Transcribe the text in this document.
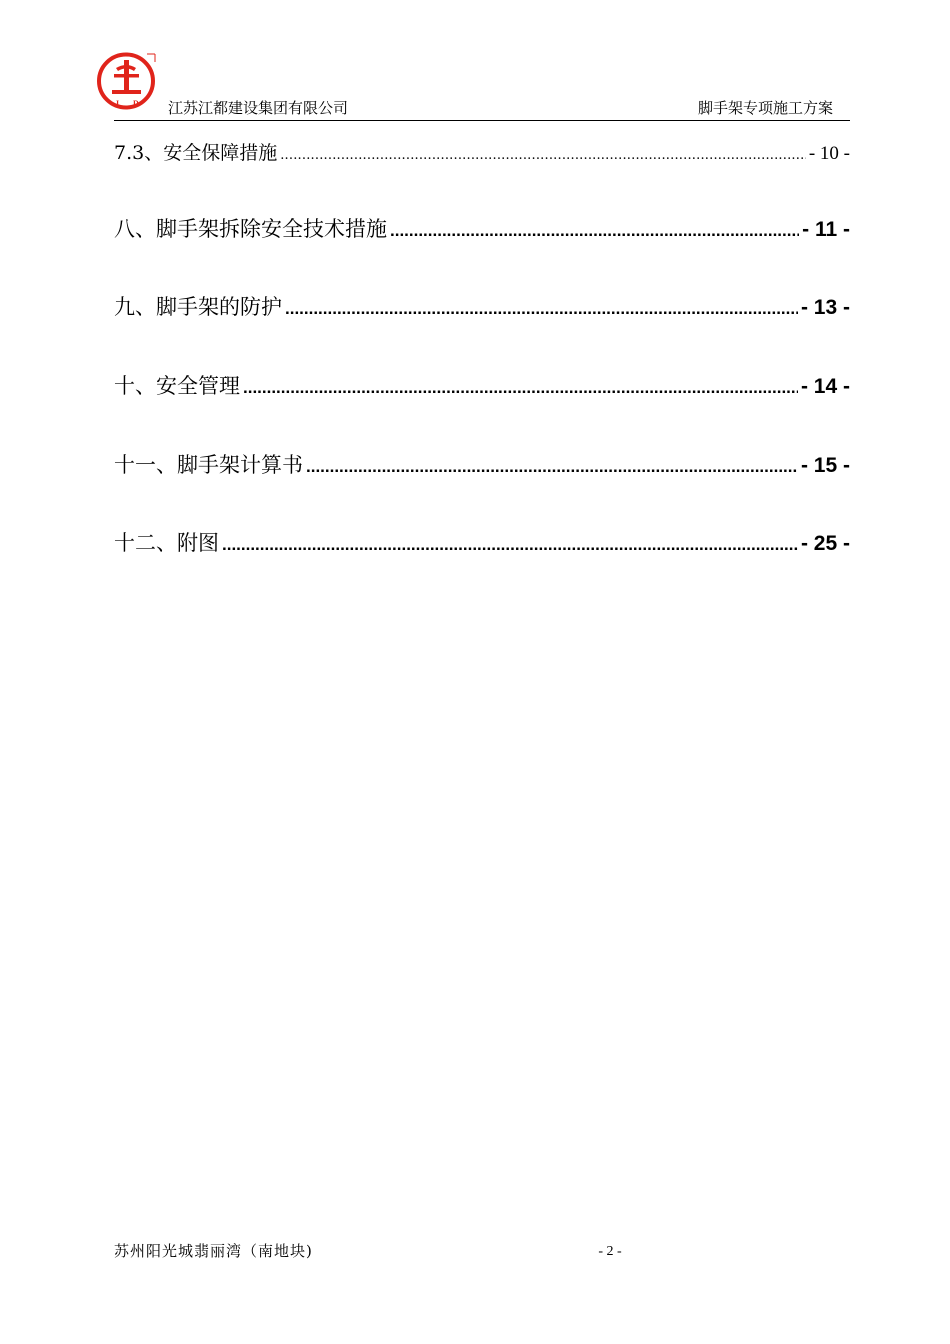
J D 江苏江都建设集团有限公司	脚手架专项施工方案
7.3、安全保障措施 .....	- 10 -
八、脚手架拆除安全技术措施 .....	- 11 -
九、脚手架的防护 .....	- 13 -
十、安全管理 .....	- 14 -
十一、脚手架计算书 .....	- 15 -
十二、附图 .....	- 25 -
苏州阳光城翡丽湾（南地块)	- 2 -
